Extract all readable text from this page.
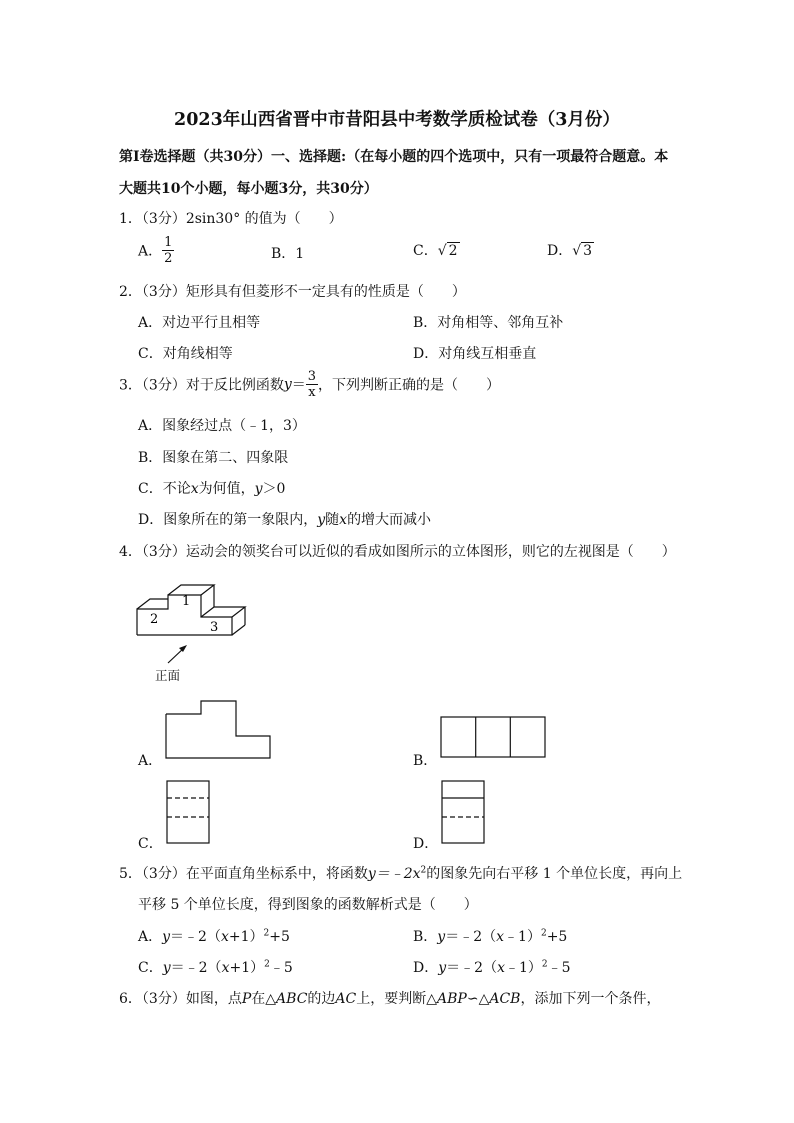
2023年山西省晋中市昔阳县中考数学质检试卷（3月份）
第Ⅰ卷选择题（共30分）一、选择题:（在每小题的四个选项中，只有一项最符合题意。本
大题共10个小题，每小题3分，共30分）
1．（3分）2sin30° 的值为（　　）
A． $\frac{1}{2}$	B．1	C．√ 2	D．√ 3
2．（3分）矩形具有但菱形不一定具有的性质是（　　）
A．对边平行且相等	B．对角相等、邻角互补
C．对角线相等	D．对角线互相垂直
3．（3分）对于反比例函数$y= \frac{3}{x}$ ，下列判断正确的是（　　）
A．图象经过点（﹣1，3）
B．图象在第二、四象限
C．不论x为何值，y＞0
D．图象所在的第一象限内，y随x的增大而减小
4．（3分）运动会的领奖台可以近似的看成如图所示的立体图形，则它的左视图是（　　）
1
2
3
正面
A．	B．
C．	D．
5．（3分）在平面直角坐标系中，将函数$y=﹣2x^2$的图象先向右平移 1 个单位长度，再向上
平移 5 个单位长度，得到图象的函数解析式是（　　）
A．$y=﹣2(x+1)^2+5$	B．y＝﹣2（x﹣1）$^2$+5
C．$y=﹣2(x+1)^2﹣5$	D．y＝﹣2（x﹣1）$^2$﹣5
6．（3分）如图，点P在△ABC的边AC上，要判断△ABP∽△ACB，添加下列一个条件，
